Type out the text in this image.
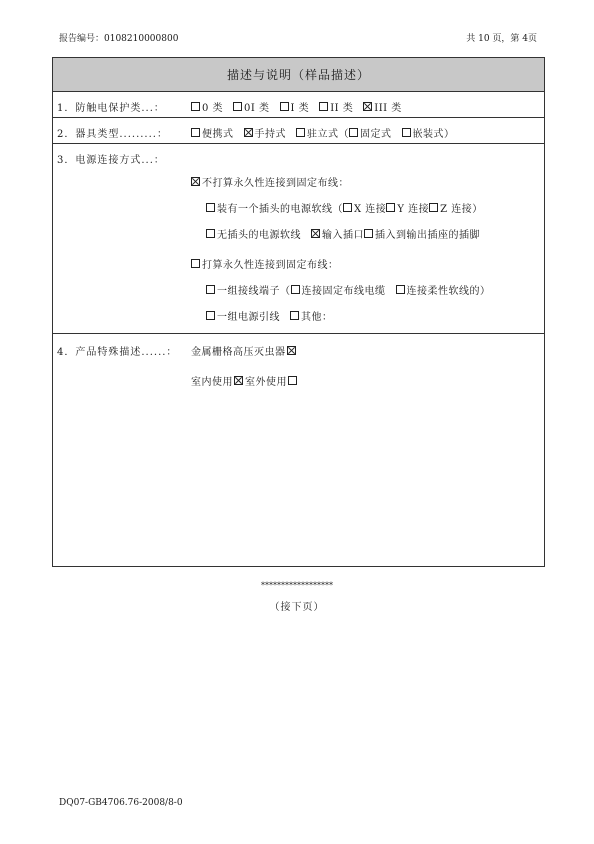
报告编号：0108210000800	共 10 页，第 4页
描述与说明（样品描述）
1．防触电保护类...：	0 类 0I 类 I 类 II 类 III 类
2．器具类型.........：	便携式 手持式 驻立式（ 固定式 嵌装式）
3．电源连接方式...：
不打算永久性连接到固定布线：
装有一个插头的电源软线（ X 连接 Y 连接 Z 连接）
无插头的电源软线 输入插口 插入到输出插座的插脚
打算永久性连接到固定布线：
一组接线端子（ 连接固定布线电缆 连接柔性软线的）
一组电源引线 其他：
4．产品特殊描述......： 金属栅格高压灭虫器
室内使用 室外使用
******************
（接下页）
DQ07-GB4706.76-2008/8-0
